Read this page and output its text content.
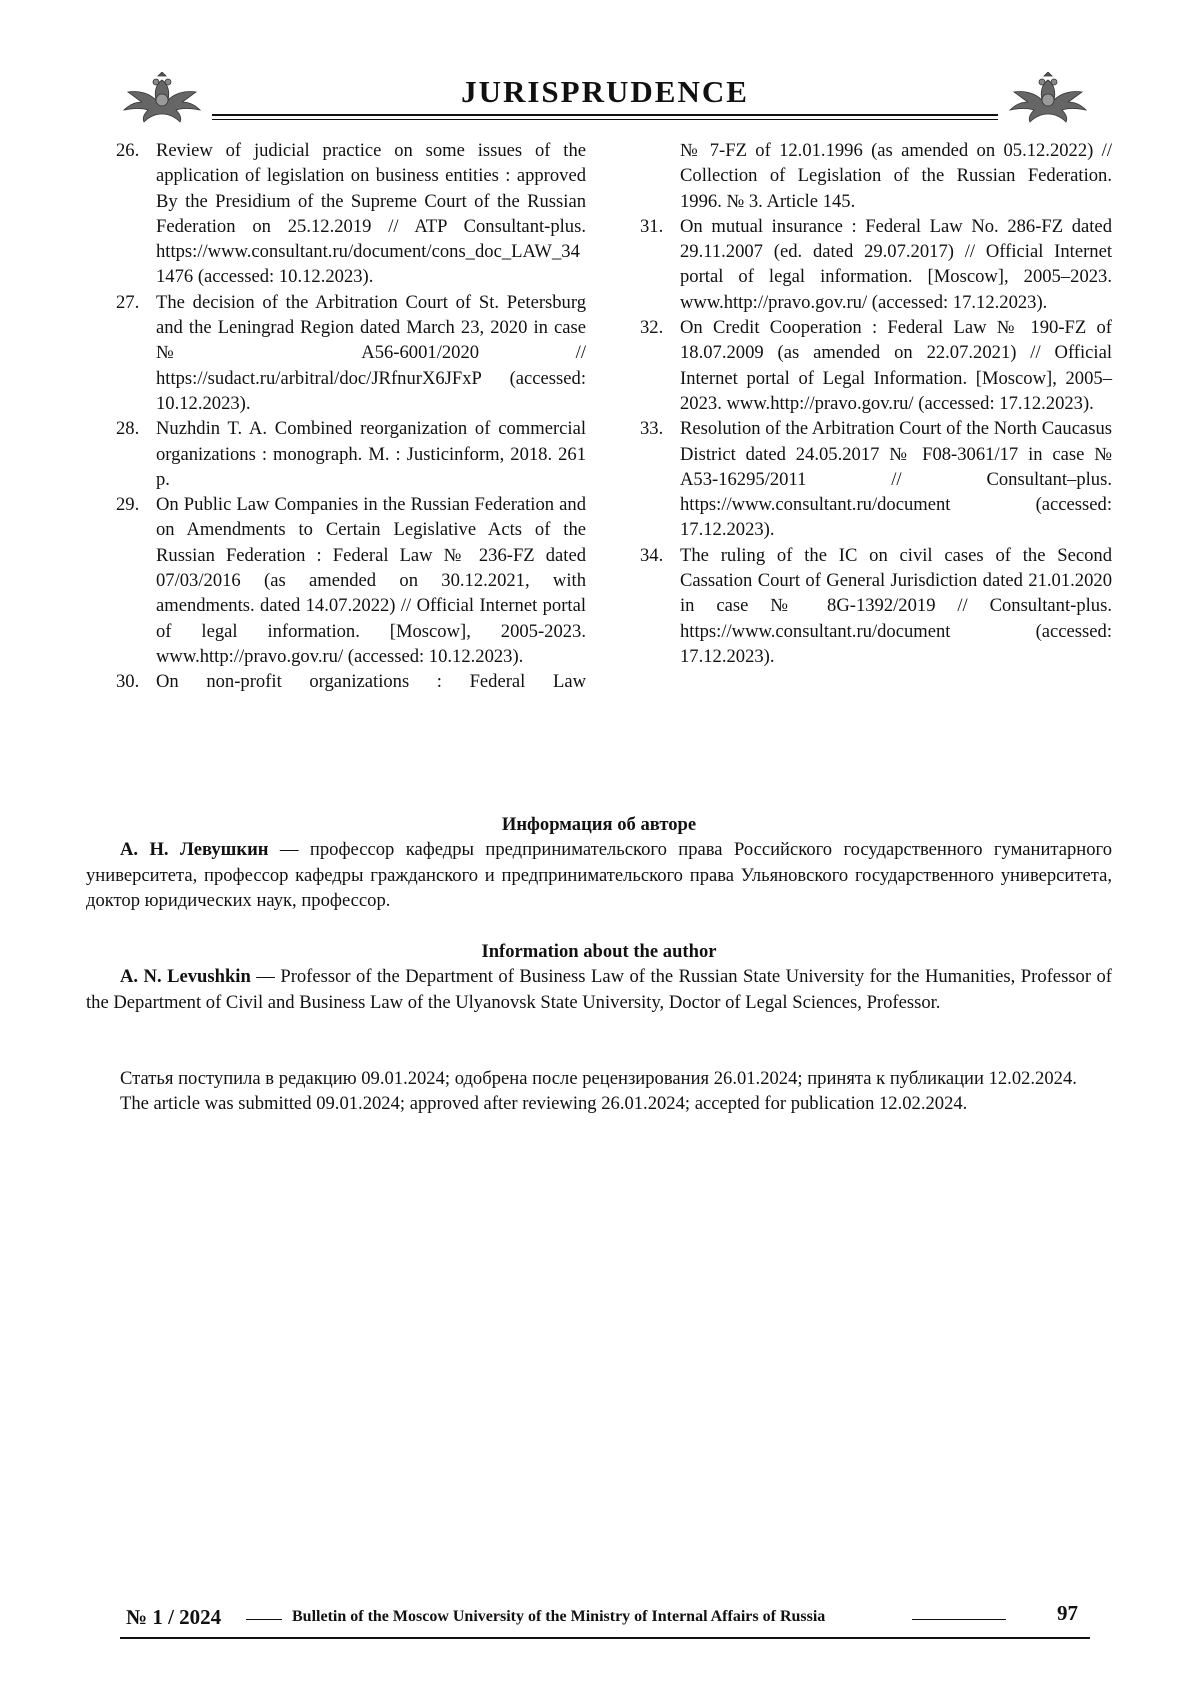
JURISPRUDENCE
26. Review of judicial practice on some issues of the application of legislation on business entities : approved By the Presidium of the Supreme Court of the Russian Federation on 25.12.2019 // ATP Consultant-plus. https://www.consultant.ru/document/cons_doc_LAW_341476 (accessed: 10.12.2023).
27. The decision of the Arbitration Court of St. Petersburg and the Leningrad Region dated March 23, 2020 in case № A56-6001/2020 // https://sudact.ru/arbitral/doc/JRfnurX6JFxP (accessed: 10.12.2023).
28. Nuzhdin T. A. Combined reorganization of commercial organizations : monograph. M. : Justicinform, 2018. 261 p.
29. On Public Law Companies in the Russian Federation and on Amendments to Certain Legislative Acts of the Russian Federation : Federal Law № 236-FZ dated 07/03/2016 (as amended on 30.12.2021, with amendments. dated 14.07.2022) // Official Internet portal of legal information. [Moscow], 2005-2023. www.http://pravo.gov.ru/ (accessed: 10.12.2023).
30. On non-profit organizations : Federal Law
№ 7-FZ of 12.01.1996 (as amended on 05.12.2022) // Collection of Legislation of the Russian Federation. 1996. № 3. Article 145.
31. On mutual insurance : Federal Law No. 286-FZ dated 29.11.2007 (ed. dated 29.07.2017) // Official Internet portal of legal information. [Moscow], 2005–2023. www.http://pravo.gov.ru/ (accessed: 17.12.2023).
32. On Credit Cooperation : Federal Law № 190-FZ of 18.07.2009 (as amended on 22.07.2021) // Official Internet portal of Legal Information. [Moscow], 2005–2023. www.http://pravo.gov.ru/ (accessed: 17.12.2023).
33. Resolution of the Arbitration Court of the North Caucasus District dated 24.05.2017 № F08-3061/17 in case № A53-16295/2011 // Consultant–plus. https://www.consultant.ru/document (accessed: 17.12.2023).
34. The ruling of the IC on civil cases of the Second Cassation Court of General Jurisdiction dated 21.01.2020 in case № 8G-1392/2019 // Consultant-plus. https://www.consultant.ru/document (accessed: 17.12.2023).
Информация об авторе
А. Н. Левушкин — профессор кафедры предпринимательского права Российского государственного гуманитарного университета, профессор кафедры гражданского и предпринимательского права Ульяновского государственного университета, доктор юридических наук, профессор.
Information about the author
A. N. Levushkin — Professor of the Department of Business Law of the Russian State University for the Humanities, Professor of the Department of Civil and Business Law of the Ulyanovsk State University, Doctor of Legal Sciences, Professor.
Статья поступила в редакцию 09.01.2024; одобрена после рецензирования 26.01.2024; принята к публикации 12.02.2024.
The article was submitted 09.01.2024; approved after reviewing 26.01.2024; accepted for publication 12.02.2024.
№ 1 / 2024	Bulletin of the Moscow University of the Ministry of Internal Affairs of Russia	97
